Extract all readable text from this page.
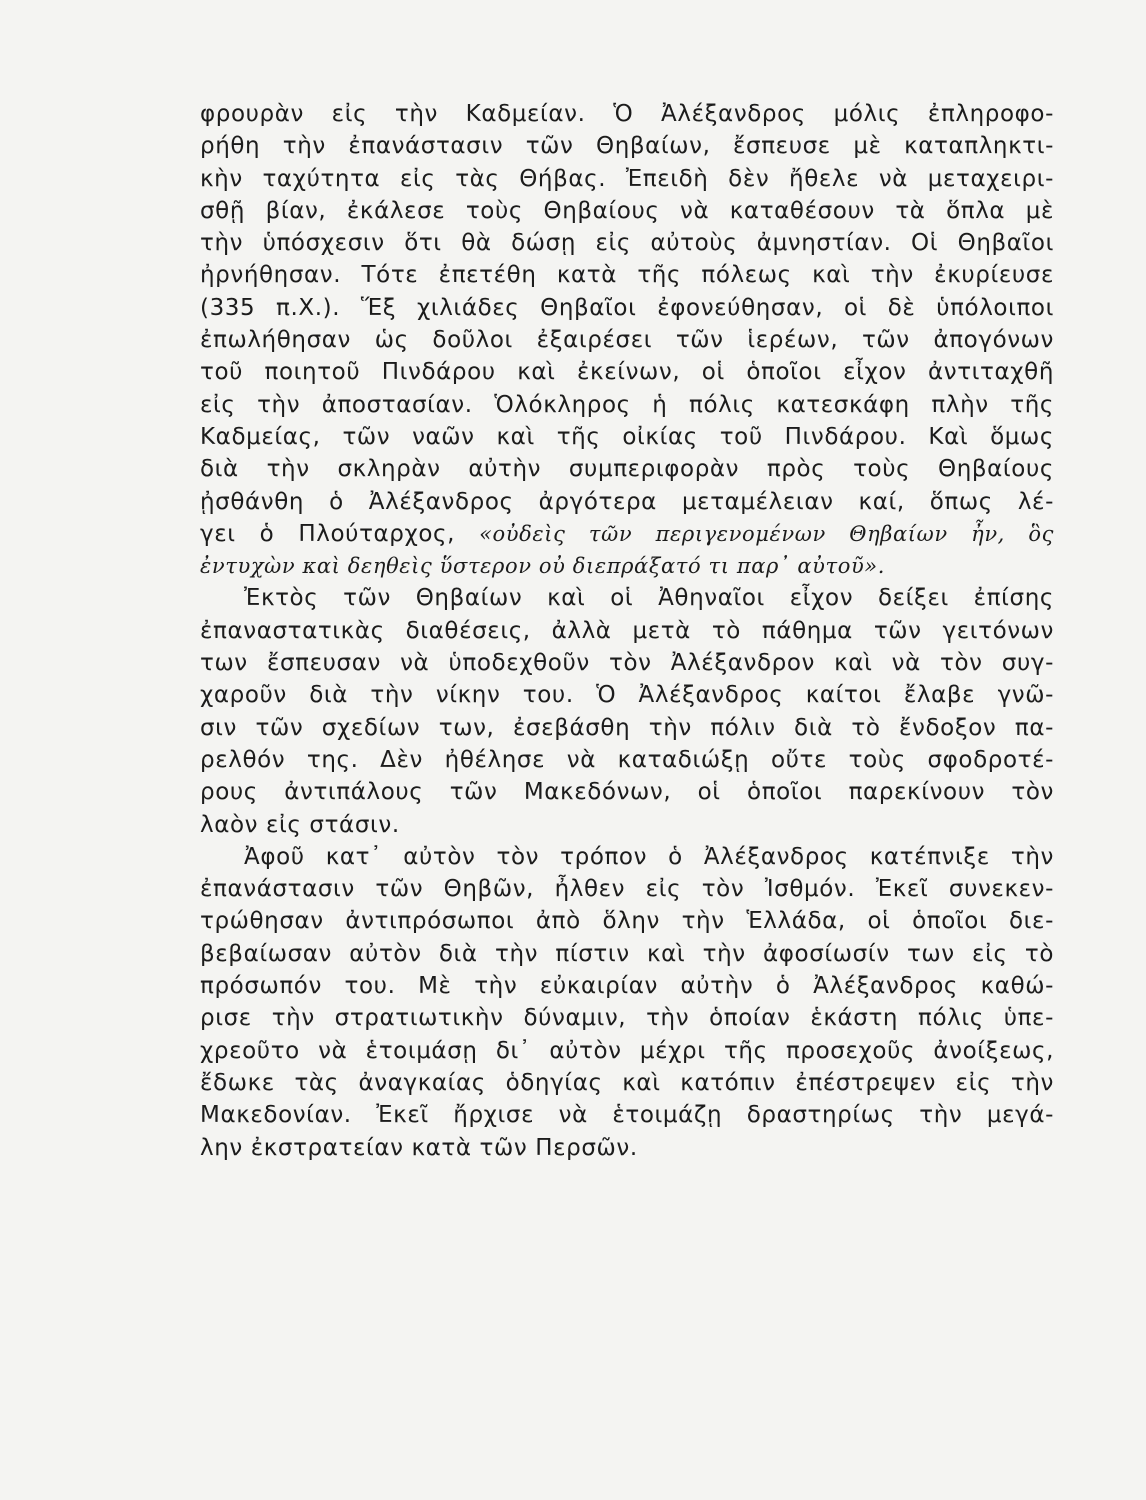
φρουρὰν εἰς τὴν Καδμείαν. Ὁ Ἀλέξανδρος μόλις ἐπληροφο-
ρήθη τὴν ἐπανάστασιν τῶν Θηβαίων, ἔσπευσε μὲ καταπληκτι-
κὴν ταχύτητα εἰς τὰς Θήβας. Ἐπειδὴ δὲν ἤθελε νὰ μεταχειρι-
σθῇ βίαν, ἐκάλεσε τοὺς Θηβαίους νὰ καταθέσουν τὰ ὅπλα μὲ
τὴν ὑπόσχεσιν ὅτι θὰ δώσῃ εἰς αὐτοὺς ἀμνηστίαν. Οἱ Θηβαῖοι
ἠρνήθησαν. Τότε ἐπετέθη κατὰ τῆς πόλεως καὶ τὴν ἐκυρίευσε
(335 π.Χ.). Ἕξ χιλιάδες Θηβαῖοι ἐφονεύθησαν, οἱ δὲ ὑπόλοιποι
ἐπωλήθησαν ὡς δοῦλοι ἐξαιρέσει τῶν ἱερέων, τῶν ἀπογόνων
τοῦ ποιητοῦ Πινδάρου καὶ ἐκείνων, οἱ ὁποῖοι εἶχον ἀντιταχθῆ
εἰς τὴν ἀποστασίαν. Ὁλόκληρος ἡ πόλις κατεσκάφη πλὴν τῆς
Καδμείας, τῶν ναῶν καὶ τῆς οἰκίας τοῦ Πινδάρου. Καὶ ὅμως
διὰ τὴν σκληρὰν αὐτὴν συμπεριφορὰν πρὸς τοὺς Θηβαίους
ᾐσθάνθη ὁ Ἀλέξανδρος ἀργότερα μεταμέλειαν καί, ὅπως λέ-
γει ὁ Πλούταρχος, «οὐδεὶς τῶν περιγενομένων Θηβαίων ἦν, ὃς
ἐντυχὼν καὶ δεηθεὶς ὕστερον οὐ διεπράξατό τι παρ᾽ αὐτοῦ».
Ἐκτὸς τῶν Θηβαίων καὶ οἱ Ἀθηναῖοι εἶχον δείξει ἐπίσης
ἐπαναστατικὰς διαθέσεις, ἀλλὰ μετὰ τὸ πάθημα τῶν γειτόνων
των ἔσπευσαν νὰ ὑποδεχθοῦν τὸν Ἀλέξανδρον καὶ νὰ τὸν συγ-
χαροῦν διὰ τὴν νίκην του. Ὁ Ἀλέξανδρος καίτοι ἔλαβε γνῶ-
σιν τῶν σχεδίων των, ἐσεβάσθη τὴν πόλιν διὰ τὸ ἔνδοξον πα-
ρελθόν της. Δὲν ἠθέλησε νὰ καταδιώξῃ οὔτε τοὺς σφοδροτέ-
ρους ἀντιπάλους τῶν Μακεδόνων, οἱ ὁποῖοι παρεκίνουν τὸν
λαὸν εἰς στάσιν.
Ἀφοῦ κατ᾽ αὐτὸν τὸν τρόπον ὁ Ἀλέξανδρος κατέπνιξε τὴν
ἐπανάστασιν τῶν Θηβῶν, ἦλθεν εἰς τὸν Ἰσθμόν. Ἐκεῖ συνεκεν-
τρώθησαν ἀντιπρόσωποι ἀπὸ ὅλην τὴν Ἑλλάδα, οἱ ὁποῖοι διε-
βεβαίωσαν αὐτὸν διὰ τὴν πίστιν καὶ τὴν ἀφοσίωσίν των εἰς τὸ
πρόσωπόν του. Μὲ τὴν εὐκαιρίαν αὐτὴν ὁ Ἀλέξανδρος καθώ-
ρισε τὴν στρατιωτικὴν δύναμιν, τὴν ὁποίαν ἑκάστη πόλις ὑπε-
χρεοῦτο νὰ ἑτοιμάσῃ δι᾽ αὐτὸν μέχρι τῆς προσεχοῦς ἀνοίξεως,
ἔδωκε τὰς ἀναγκαίας ὁδηγίας καὶ κατόπιν ἐπέστρεψεν εἰς τὴν
Μακεδονίαν. Ἐκεῖ ἤρχισε νὰ ἑτοιμάζῃ δραστηρίως τὴν μεγά-
λην ἐκστρατείαν κατὰ τῶν Περσῶν.
